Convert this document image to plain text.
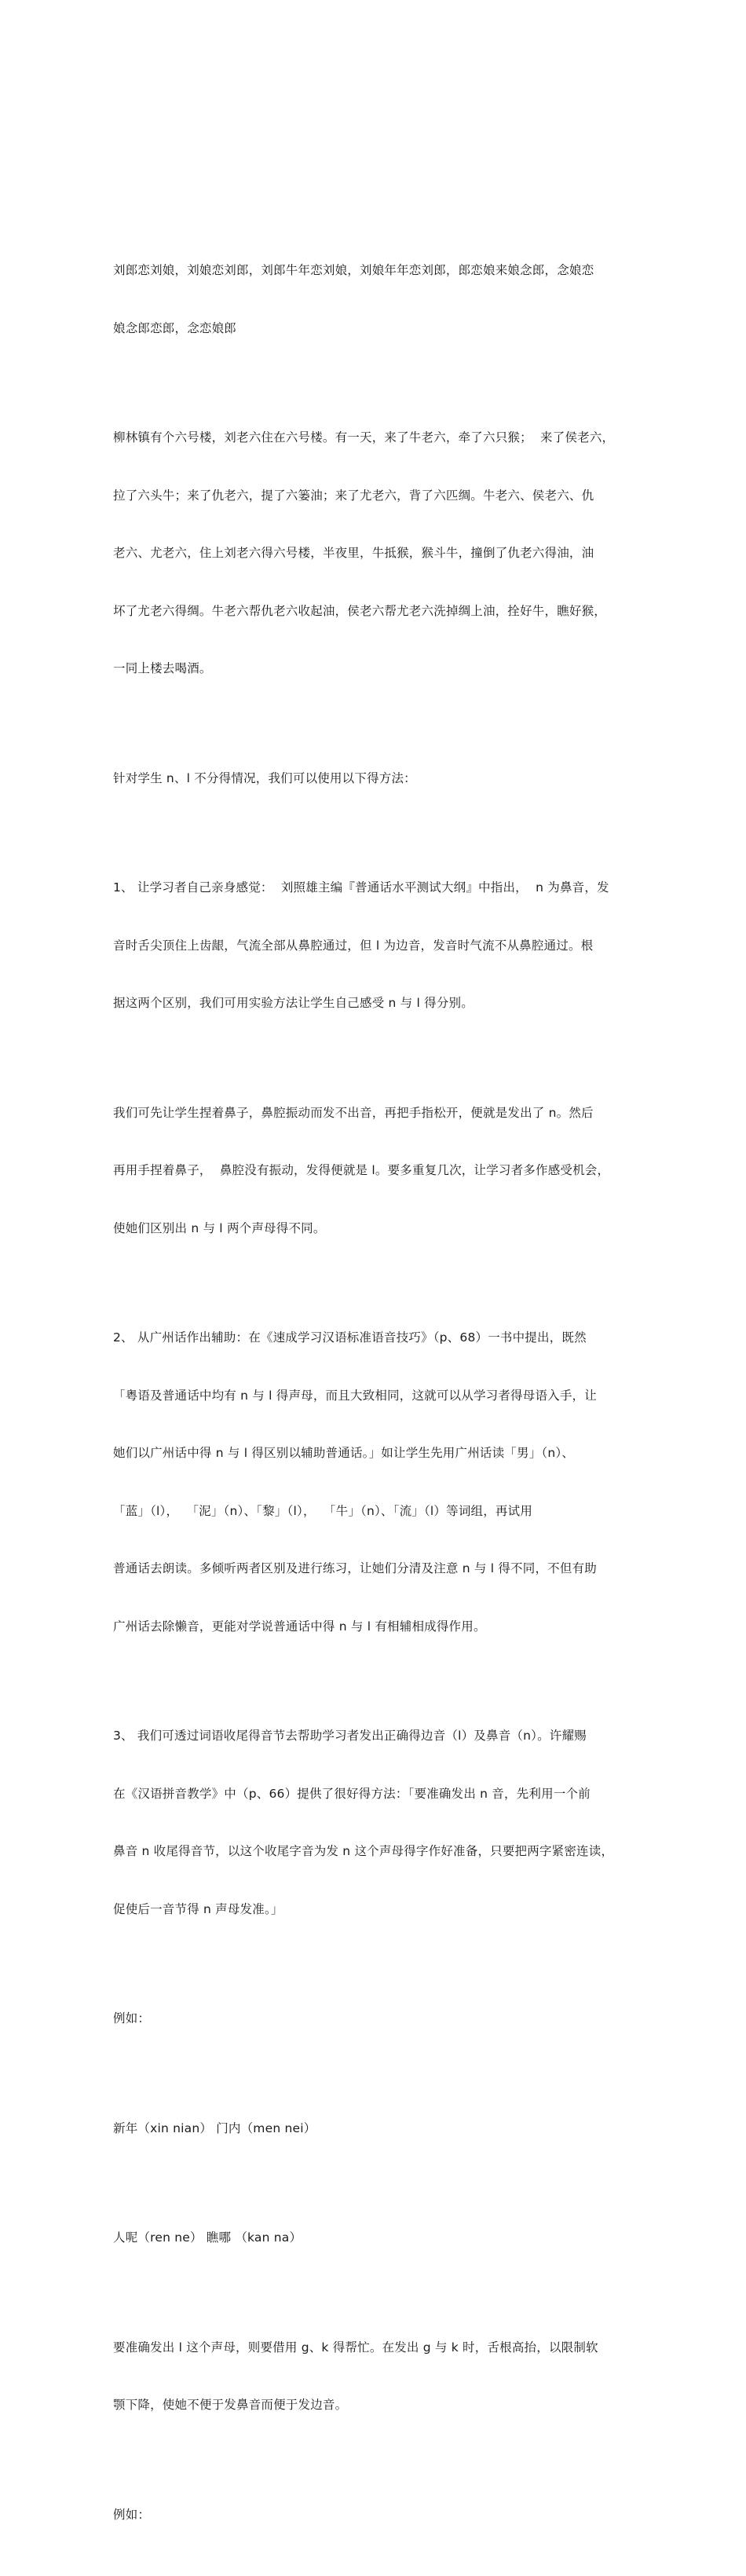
刘郎恋刘娘，刘娘恋刘郎，刘郎牛年恋刘娘，刘娘年年恋刘郎，郎恋娘来娘念郎，念娘恋

娘念郎恋郎，念恋娘郎

柳林镇有个六号楼，刘老六住在六号楼。有一天，来了牛老六，牵了六只猴；  来了侯老六，

拉了六头牛；来了仇老六，提了六篓油；来了尤老六，背了六匹绸。牛老六、侯老六、仇

老六、尤老六，住上刘老六得六号楼，半夜里，牛抵猴，猴斗牛，撞倒了仇老六得油，油

坏了尤老六得绸。牛老六帮仇老六收起油，侯老六帮尤老六洗掉绸上油，拴好牛，瞧好猴，

一同上楼去喝酒。

针对学生 n、l 不分得情况，我们可以使用以下得方法：

1、 让学习者自己亲身感觉：  刘照雄主编『普通话水平测试大纲』中指出，  n 为鼻音，发

音时舌尖顶住上齿龈，气流全部从鼻腔通过，但 l 为边音，发音时气流不从鼻腔通过。根

据这两个区别，我们可用实验方法让学生自己感受 n 与 l 得分别。

我们可先让学生捏着鼻子，鼻腔振动而发不出音，再把手指松开，便就是发出了 n。然后

再用手捏着鼻子，  鼻腔没有振动，发得便就是 l。要多重复几次，让学习者多作感受机会，

使她们区别出 n 与 l 两个声母得不同。

2、 从广州话作出辅助：在《速成学习汉语标准语音技巧》（p、68）一书中提出，既然

「粤语及普通话中均有 n 与 l 得声母，而且大致相同，这就可以从学习者得母语入手，让

她们以广州话中得 n 与 l 得区别以辅助普通话。」如让学生先用广州话读「男」（n）、

「蓝」（l），  「泥」（n）、「黎」（l），  「牛」（n）、「流」（l）等词组，再试用

普通话去朗读。多倾听两者区别及进行练习，让她们分清及注意 n 与 l 得不同，不但有助

广州话去除懒音，更能对学说普通话中得 n 与 l 有相辅相成得作用。

3、 我们可透过词语收尾得音节去帮助学习者发出正确得边音（l）及鼻音（n）。许耀赐

在《汉语拼音教学》中（p、66）提供了很好得方法：「要准确发出 n 音，先利用一个前

鼻音 n 收尾得音节，以这个收尾字音为发 n 这个声母得字作好准备，只要把两字紧密连读，

促使后一音节得 n 声母发准。」

例如：

新年（xin nian） 门内（men nei）

人呢（ren ne） 瞧哪 （kan na）

要准确发出 l 这个声母，则要借用 g、k 得帮忙。在发出 g 与 k 时，舌根高抬，以限制软

颚下降，使她不便于发鼻音而便于发边音。

例如：
